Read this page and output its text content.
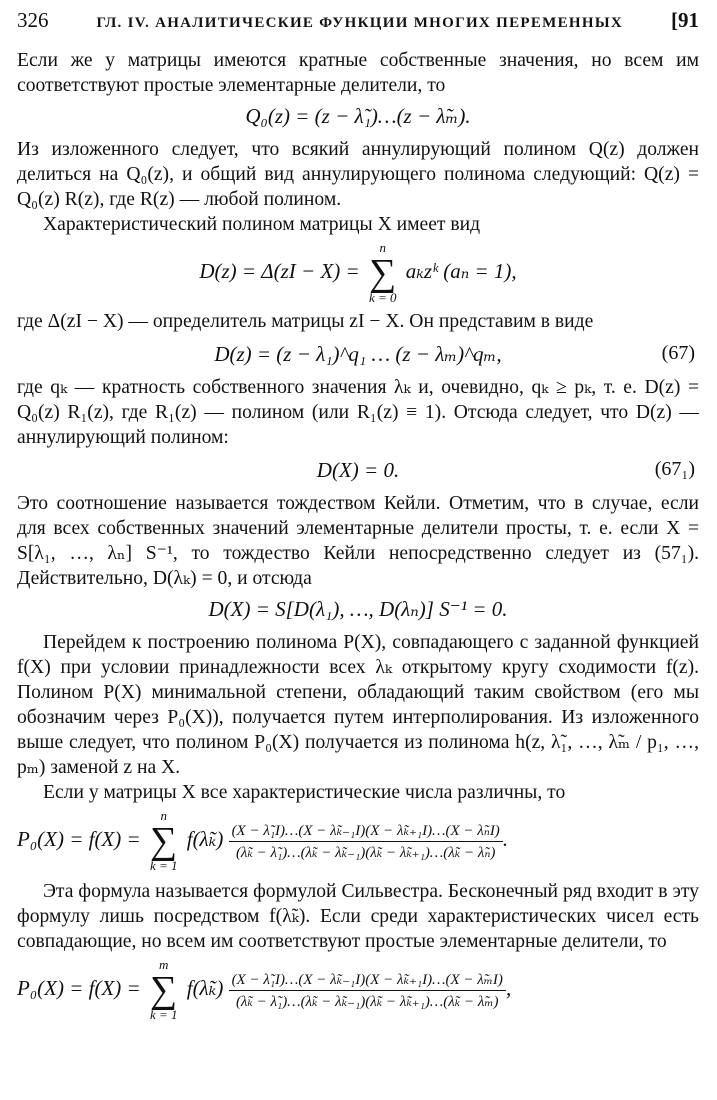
326	ГЛ. IV. АНАЛИТИЧЕСКИЕ ФУНКЦИИ МНОГИХ ПЕРЕМЕННЫХ [91

Если же у матрицы имеются кратные собственные значения, но всем им соответствуют простые элементарные делители, то

Q₀(z) = (z − λ̃₁)…(z − λ̃ₘ).

Из изложенного следует, что всякий аннулирующий полином Q(z) должен делиться на Q₀(z), и общий вид аннулирующего полинома следующий: Q(z) = Q₀(z) R(z), где R(z) — любой полином.

Характеристический полином матрицы X имеет вид

D(z) = Δ(zI − X) =
n
∑
k = 0
aₖzᵏ (aₙ = 1),

где Δ(zI − X) — определитель матрицы zI − X. Он представим в виде

D(z) = (z − λ₁)^q₁ … (z − λₘ)^qₘ,	(67)

где qₖ — кратность собственного значения λₖ и, очевидно, qₖ ≥ pₖ, т. е. D(z) = Q₀(z) R₁(z), где R₁(z) — полином (или R₁(z) ≡ 1). Отсюда следует, что D(z) — аннулирующий полином:

D(X) = 0.	(67₁)

Это соотношение называется тождеством Кейли. Отметим, что в случае, если для всех собственных значений элементарные делители просты, т. е. если X = S[λ₁, …, λₙ] S⁻¹, то тождество Кейли непосредственно следует из (57₁). Действительно, D(λₖ) = 0, и отсюда

D(X) = S[D(λ₁), …, D(λₙ)] S⁻¹ = 0.

Перейдем к построению полинома P(X), совпадающего с заданной функцией f(X) при условии принадлежности всех λₖ открытому кругу сходимости f(z). Полином P(X) минимальной степени, обладающий таким свойством (его мы обозначим через P₀(X)), получается путем интерполирования. Из изложенного выше следует, что полином P₀(X) получается из полинома h(z, λ̃₁, …, λ̃ₘ / p₁, …, pₘ) заменой z на X.

Если у матрицы X все характеристические числа различны, то

P₀(X) = f(X) =
n
∑
k = 1
f(λ̃ₖ) $\frac{\text{(X − λ̃₁I)…(X − λ̃ₖ₋₁I)(X − λ̃ₖ₊₁I)…(X − λ̃ₙI)}}{\text{(λ̃ₖ − λ̃₁)…(λ̃ₖ − λ̃ₖ₋₁)(λ̃ₖ − λ̃ₖ₊₁)…(λ̃ₖ − λ̃ₙ)}}$ .

Эта формула называется формулой Сильвестра. Бесконечный ряд входит в эту формулу лишь посредством f(λ̃ₖ). Если среди характеристических чисел есть совпадающие, но всем им соответствуют простые элементарные делители, то

P₀(X) = f(X) =
m
∑
k = 1
f(λ̃ₖ) $\frac{\text{(X − λ̃₁I)…(X − λ̃ₖ₋₁I)(X − λ̃ₖ₊₁I)…(X − λ̃ₘI)}}{\text{(λ̃ₖ − λ̃₁)…(λ̃ₖ − λ̃ₖ₋₁)(λ̃ₖ − λ̃ₖ₊₁)…(λ̃ₖ − λ̃ₘ)}}$ ,
